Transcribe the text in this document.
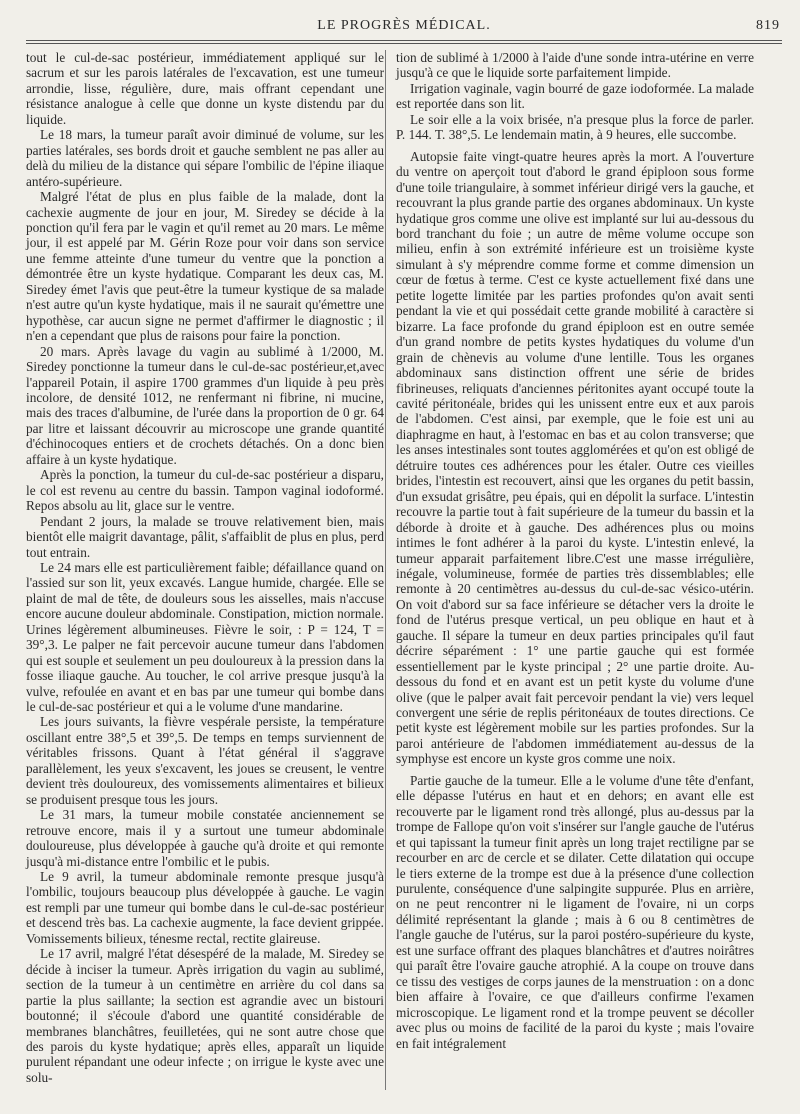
LE PROGRÈS MÉDICAL.	819

tout le cul-de-sac postérieur, immédiatement appliqué sur le sacrum et sur les parois latérales de l'excavation, est une tumeur arrondie, lisse, régulière, dure, mais offrant cependant une résistance analogue à celle que donne un kyste distendu par du liquide.

Le 18 mars, la tumeur paraît avoir diminué de volume, sur les parties latérales, ses bords droit et gauche semblent ne pas aller au delà du milieu de la distance qui sépare l'ombilic de l'épine iliaque antéro-supérieure.

Malgré l'état de plus en plus faible de la malade, dont la cachexie augmente de jour en jour, M. Siredey se décide à la ponction qu'il fera par le vagin et qu'il remet au 20 mars. Le même jour, il est appelé par M. Gérin Roze pour voir dans son service une femme atteinte d'une tumeur du ventre que la ponction a démontrée être un kyste hydatique. Comparant les deux cas, M. Siredey émet l'avis que peut-être la tumeur kystique de sa malade n'est autre qu'un kyste hydatique, mais il ne saurait qu'émettre une hypothèse, car aucun signe ne permet d'affirmer le diagnostic ; il n'en a cependant que plus de raisons pour faire la ponction.

20 mars. Après lavage du vagin au sublimé à 1/2000, M. Siredey ponctionne la tumeur dans le cul-de-sac postérieur,et,avec l'appareil Potain, il aspire 1700 grammes d'un liquide à peu près incolore, de densité 1012, ne renfermant ni fibrine, ni mucine, mais des traces d'albumine, de l'urée dans la proportion de 0 gr. 64 par litre et laissant découvrir au microscope une grande quantité d'échinocoques entiers et de crochets détachés. On a donc bien affaire à un kyste hydatique.

Après la ponction, la tumeur du cul-de-sac postérieur a disparu, le col est revenu au centre du bassin. Tampon vaginal iodoformé. Repos absolu au lit, glace sur le ventre.

Pendant 2 jours, la malade se trouve relativement bien, mais bientôt elle maigrit davantage, pâlit, s'affaiblit de plus en plus, perd tout entrain.

Le 24 mars elle est particulièrement faible; défaillance quand on l'assied sur son lit, yeux excavés. Langue humide, chargée. Elle se plaint de mal de tête, de douleurs sous les aisselles, mais n'accuse encore aucune douleur abdominale. Constipation, miction normale. Urines légèrement albumineuses. Fièvre le soir, : P = 124, T = 39°,3. Le palper ne fait percevoir aucune tumeur dans l'abdomen qui est souple et seulement un peu douloureux à la pression dans la fosse iliaque gauche. Au toucher, le col arrive presque jusqu'à la vulve, refoulée en avant et en bas par une tumeur qui bombe dans le cul-de-sac postérieur et qui a le volume d'une mandarine.

Les jours suivants, la fièvre vespérale persiste, la température oscillant entre 38°,5 et 39°,5. De temps en temps surviennent de véritables frissons. Quant à l'état général il s'aggrave parallèlement, les yeux s'excavent, les joues se creusent, le ventre devient très douloureux, des vomissements alimentaires et bilieux se produisent presque tous les jours.

Le 31 mars, la tumeur mobile constatée anciennement se retrouve encore, mais il y a surtout une tumeur abdominale douloureuse, plus développée à gauche qu'à droite et qui remonte jusqu'à mi-distance entre l'ombilic et le pubis.

Le 9 avril, la tumeur abdominale remonte presque jusqu'à l'ombilic, toujours beaucoup plus développée à gauche. Le vagin est rempli par une tumeur qui bombe dans le cul-de-sac postérieur et descend très bas. La cachexie augmente, la face devient grippée. Vomissements bilieux, ténesme rectal, rectite glaireuse.

Le 17 avril, malgré l'état désespéré de la malade, M. Siredey se décide à inciser la tumeur. Après irrigation du vagin au sublimé, section de la tumeur à un centimètre en arrière du col dans sa partie la plus saillante; la section est agrandie avec un bistouri boutonné; il s'écoule d'abord une quantité considérable de membranes blanchâtres, feuilletées, qui ne sont autre chose que des parois du kyste hydatique; après elles, apparaît un liquide purulent répandant une odeur infecte ; on irrigue le kyste avec une solu-

tion de sublimé à 1/2000 à l'aide d'une sonde intra-utérine en verre jusqu'à ce que le liquide sorte parfaitement limpide.

Irrigation vaginale, vagin bourré de gaze iodoformée. La malade est reportée dans son lit.

Le soir elle a la voix brisée, n'a presque plus la force de parler. P. 144. T. 38°,5. Le lendemain matin, à 9 heures, elle succombe.

Autopsie faite vingt-quatre heures après la mort. A l'ouverture du ventre on aperçoit tout d'abord le grand épiploon sous forme d'une toile triangulaire, à sommet inférieur dirigé vers la gauche, et recouvrant la plus grande partie des organes abdominaux. Un kyste hydatique gros comme une olive est implanté sur lui au-dessous du bord tranchant du foie ; un autre de même volume occupe son milieu, enfin à son extrémité inférieure est un troisième kyste simulant à s'y méprendre comme forme et comme dimension un cœur de fœtus à terme. C'est ce kyste actuellement fixé dans une petite logette limitée par les parties profondes qu'on avait senti pendant la vie et qui possédait cette grande mobilité à caractère si bizarre. La face profonde du grand épiploon est en outre semée d'un grand nombre de petits kystes hydatiques du volume d'un grain de chènevis au volume d'une lentille. Tous les organes abdominaux sans distinction offrent une série de brides fibrineuses, reliquats d'anciennes péritonites ayant occupé toute la cavité péritonéale, brides qui les unissent entre eux et aux parois de l'abdomen. C'est ainsi, par exemple, que le foie est uni au diaphragme en haut, à l'estomac en bas et au colon transverse; que les anses intestinales sont toutes agglomérées et qu'on est obligé de détruire toutes ces adhérences pour les étaler. Outre ces vieilles brides, l'intestin est recouvert, ainsi que les organes du petit bassin, d'un exsudat grisâtre, peu épais, qui en dépolit la surface. L'intestin recouvre la partie tout à fait supérieure de la tumeur du bassin et la déborde à droite et à gauche. Des adhérences plus ou moins intimes le font adhérer à la paroi du kyste. L'intestin enlevé, la tumeur apparait parfaitement libre.C'est une masse irrégulière, inégale, volumineuse, formée de parties très dissemblables; elle remonte à 20 centimètres au-dessus du cul-de-sac vésico-utérin. On voit d'abord sur sa face inférieure se détacher vers la droite le fond de l'utérus presque vertical, un peu oblique en haut et à gauche. Il sépare la tumeur en deux parties principales qu'il faut décrire séparément : 1° une partie gauche qui est formée essentiellement par le kyste principal ; 2° une partie droite. Au-dessous du fond et en avant est un petit kyste du volume d'une olive (que le palper avait fait percevoir pendant la vie) vers lequel convergent une série de replis péritonéaux de toutes directions. Ce petit kyste est légèrement mobile sur les parties profondes. Sur la paroi antérieure de l'abdomen immédiatement au-dessus de la symphyse est encore un kyste gros comme une noix.

Partie gauche de la tumeur. Elle a le volume d'une tête d'enfant, elle dépasse l'utérus en haut et en dehors; en avant elle est recouverte par le ligament rond très allongé, plus au-dessus par la trompe de Fallope qu'on voit s'insérer sur l'angle gauche de l'utérus et qui tapissant la tumeur finit après un long trajet rectiligne par se recourber en arc de cercle et se dilater. Cette dilatation qui occupe le tiers externe de la trompe est due à la présence d'une collection purulente, conséquence d'une salpingite suppurée. Plus en arrière, on ne peut rencontrer ni le ligament de l'ovaire, ni un corps délimité représentant la glande ; mais à 6 ou 8 centimètres de l'angle gauche de l'utérus, sur la paroi postéro-supérieure du kyste, est une surface offrant des plaques blanchâtres et d'autres noirâtres qui paraît être l'ovaire gauche atrophié. A la coupe on trouve dans ce tissu des vestiges de corps jaunes de la menstruation : on a donc bien affaire à l'ovaire, ce que d'ailleurs confirme l'examen microscopique. Le ligament rond et la trompe peuvent se décoller avec plus ou moins de facilité de la paroi du kyste ; mais l'ovaire en fait intégralement
